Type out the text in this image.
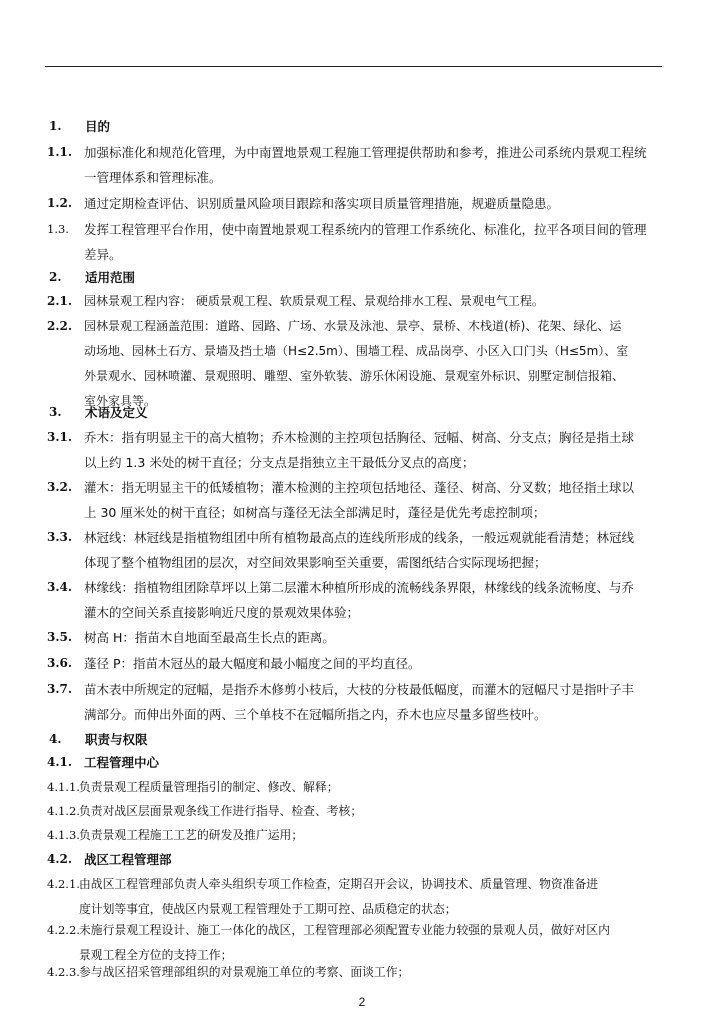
1. 目的
1.1. 加强标准化和规范化管理，为中南置地景观工程施工管理提供帮助和参考，推进公司系统内景观工程统
一管理体系和管理标准。
1.2. 通过定期检查评估、识别质量风险项目跟踪和落实项目质量管理措施，规避质量隐患。
1.3. 发挥工程管理平台作用，使中南置地景观工程系统内的管理工作系统化、标准化，拉平各项目间的管理
差异。
2. 适用范围
2.1. 园林景观工程内容： 硬质景观工程、软质景观工程、景观给排水工程、景观电气工程。
2.2. 园林景观工程涵盖范围：道路、园路、广场、水景及泳池、景亭、景桥、木栈道(桥)、花架、绿化、运
动场地、园林土石方、景墙及挡土墙（H≤2.5m）、围墙工程、成品岗亭、小区入口门头（H≤5m）、室
外景观水、园林喷灌、景观照明、雕塑、室外软装、游乐休闲设施、景观室外标识、别墅定制信报箱、
室外家具等。
3. 术语及定义
3.1. 乔木：指有明显主干的高大植物；乔木检测的主控项包括胸径、冠幅、树高、分支点；胸径是指土球
以上约 1.3 米处的树干直径；分支点是指独立主干最低分叉点的高度；
3.2. 灌木：指无明显主干的低矮植物；灌木检测的主控项包括地径、蓬径、树高、分叉数；地径指土球以
上 30 厘米处的树干直径；如树高与蓬径无法全部满足时，蓬径是优先考虑控制项；
3.3. 林冠线：林冠线是指植物组团中所有植物最高点的连线所形成的线条，一般远观就能看清楚；林冠线
体现了整个植物组团的层次，对空间效果影响至关重要，需图纸结合实际现场把握；
3.4. 林缘线：指植物组团除草坪以上第二层灌木种植所形成的流畅线条界限，林缘线的线条流畅度、与乔
灌木的空间关系直接影响近尺度的景观效果体验；
3.5. 树高 H：指苗木自地面至最高生长点的距离。
3.6. 蓬径 P：指苗木冠丛的最大幅度和最小幅度之间的平均直径。
3.7. 苗木表中所规定的冠幅，是指乔木修剪小枝后，大枝的分枝最低幅度，而灌木的冠幅尺寸是指叶子丰
满部分。而伸出外面的两、三个单枝不在冠幅所指之内，乔木也应尽量多留些枝叶。
4. 职责与权限
4.1. 工程管理中心
4.1.1. 负责景观工程质量管理指引的制定、修改、解释；
4.1.2. 负责对战区层面景观条线工作进行指导、检查、考核；
4.1.3. 负责景观工程施工工艺的研发及推广运用；
4.2. 战区工程管理部
4.2.1. 由战区工程管理部负责人牵头组织专项工作检查，定期召开会议，协调技术、质量管理、物资准备进
度计划等事宜，使战区内景观工程管理处于工期可控、品质稳定的状态；
4.2.2. 未施行景观工程设计、施工一体化的战区，工程管理部必须配置专业能力较强的景观人员，做好对区内
景观工程全方位的支持工作；
4.2.3. 参与战区招采管理部组织的对景观施工单位的考察、面谈工作；
2
